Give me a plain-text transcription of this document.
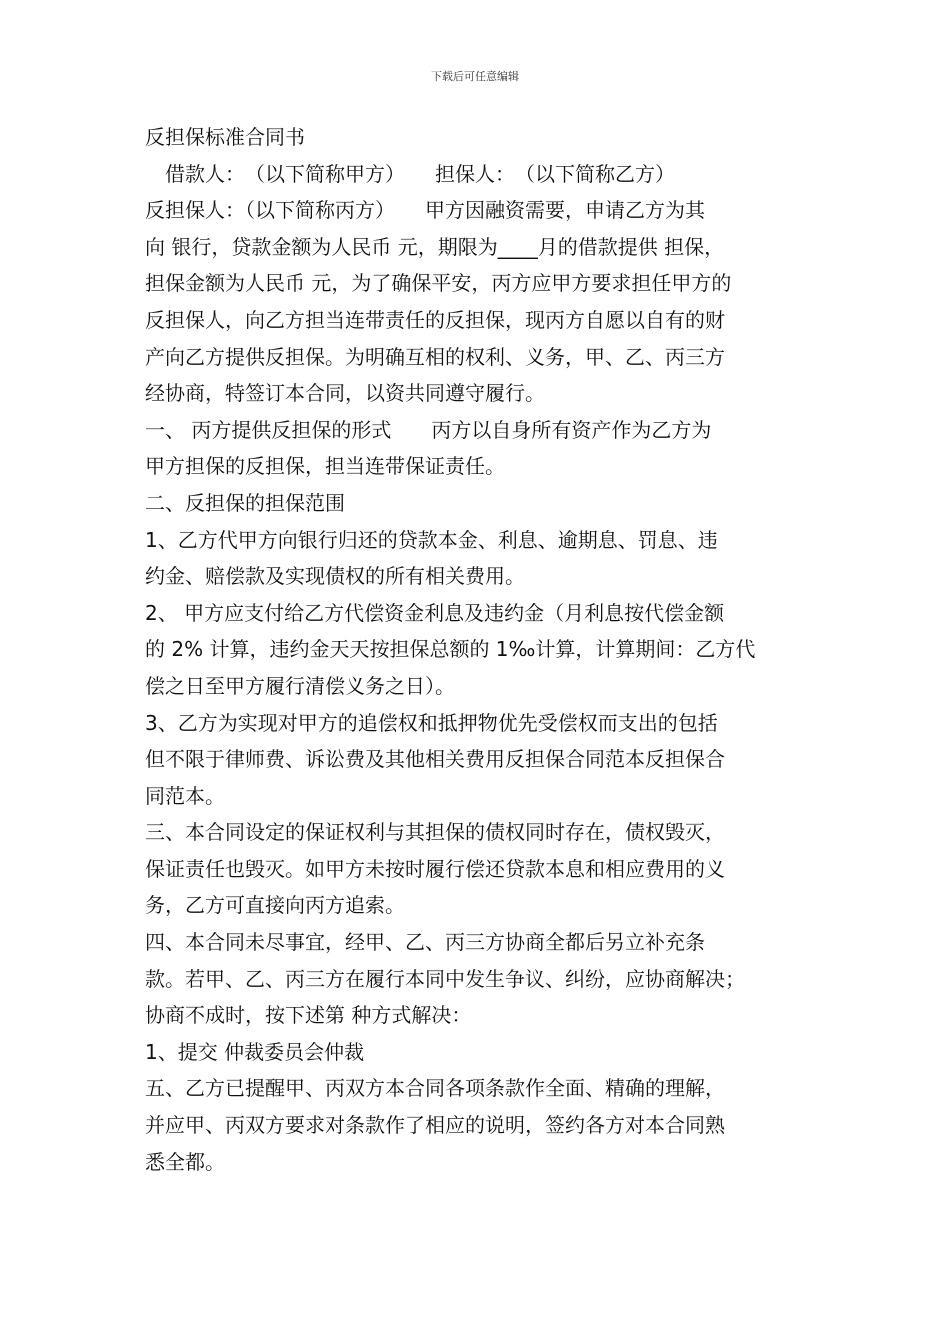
下载后可任意编辑
反担保标准合同书
　借款人：　（以下简称甲方）　　担保人：　（以下简称乙方）
反担保人：（以下简称丙方）　　甲方因融资需要，申请乙方为其
向 银行，贷款金额为人民币 元，期限为____月的借款提供 担保，
担保金额为人民币 元，为了确保平安，丙方应甲方要求担任甲方的
反担保人，向乙方担当连带责任的反担保，现丙方自愿以自有的财
产向乙方提供反担保。为明确互相的权利、义务，甲、乙、丙三方
经协商，特签订本合同，以资共同遵守履行。
一、 丙方提供反担保的形式　　丙方以自身所有资产作为乙方为
甲方担保的反担保，担当连带保证责任。
二、反担保的担保范围
1、乙方代甲方向银行归还的贷款本金、利息、逾期息、罚息、违
约金、赔偿款及实现债权的所有相关费用。
2、 甲方应支付给乙方代偿资金利息及违约金（月利息按代偿金额
的 2% 计算，违约金天天按担保总额的 1‰计算，计算期间：乙方代
偿之日至甲方履行清偿义务之日）。
3、乙方为实现对甲方的追偿权和抵押物优先受偿权而支出的包括
但不限于律师费、诉讼费及其他相关费用反担保合同范本反担保合
同范本。
三、本合同设定的保证权利与其担保的债权同时存在，债权毁灭，
保证责任也毁灭。如甲方未按时履行偿还贷款本息和相应费用的义
务，乙方可直接向丙方追索。
四、本合同未尽事宜，经甲、乙、丙三方协商全都后另立补充条
款。若甲、乙、丙三方在履行本同中发生争议、纠纷，应协商解决；
协商不成时，按下述第 种方式解决：
1、提交 仲裁委员会仲裁
五、乙方已提醒甲、丙双方本合同各项条款作全面、精确的理解，
并应甲、丙双方要求对条款作了相应的说明，签约各方对本合同熟
悉全都。
